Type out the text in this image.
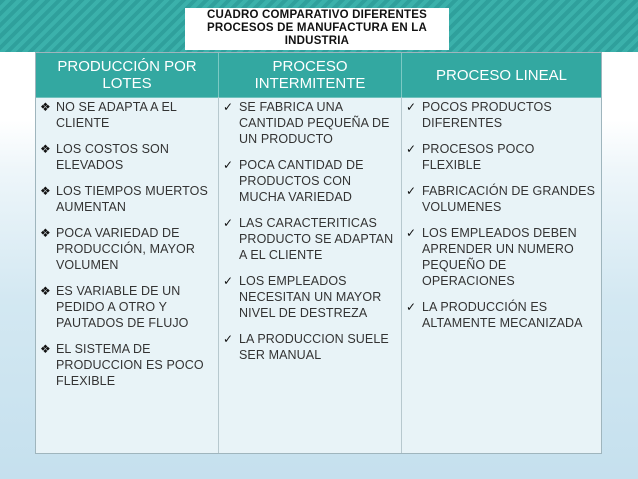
CUADRO COMPARATIVO DIFERENTES
PROCESOS DE MANUFACTURA EN LA
INDUSTRIA
PRODUCCIÓN POR LOTES
PROCESO INTERMITENTE	PROCESO LINEAL
❖ NO SE ADAPTA A EL CLIENTE
❖ LOS COSTOS SON ELEVADOS
❖ LOS TIEMPOS MUERTOS AUMENTAN
❖ POCA VARIEDAD DE PRODUCCIÓN, MAYOR VOLUMEN
❖ ES VARIABLE DE UN PEDIDO A OTRO Y PAUTADOS DE FLUJO
❖ EL SISTEMA DE PRODUCCION ES POCO FLEXIBLE
✓ SE FABRICA UNA CANTIDAD PEQUEÑA DE UN PRODUCTO
✓ POCA CANTIDAD DE PRODUCTOS CON MUCHA VARIEDAD
✓ LAS CARACTERITICAS PRODUCTO SE ADAPTAN A EL CLIENTE
✓ LOS EMPLEADOS NECESITAN UN MAYOR NIVEL DE DESTREZA
✓ LA PRODUCCION SUELE SER MANUAL
✓ POCOS PRODUCTOS DIFERENTES
✓ PROCESOS POCO FLEXIBLE
✓ FABRICACIÓN DE GRANDES VOLUMENES
✓ LOS EMPLEADOS DEBEN APRENDER UN NUMERO PEQUEÑO DE OPERACIONES
✓ LA PRODUCCIÓN ES ALTAMENTE MECANIZADA
